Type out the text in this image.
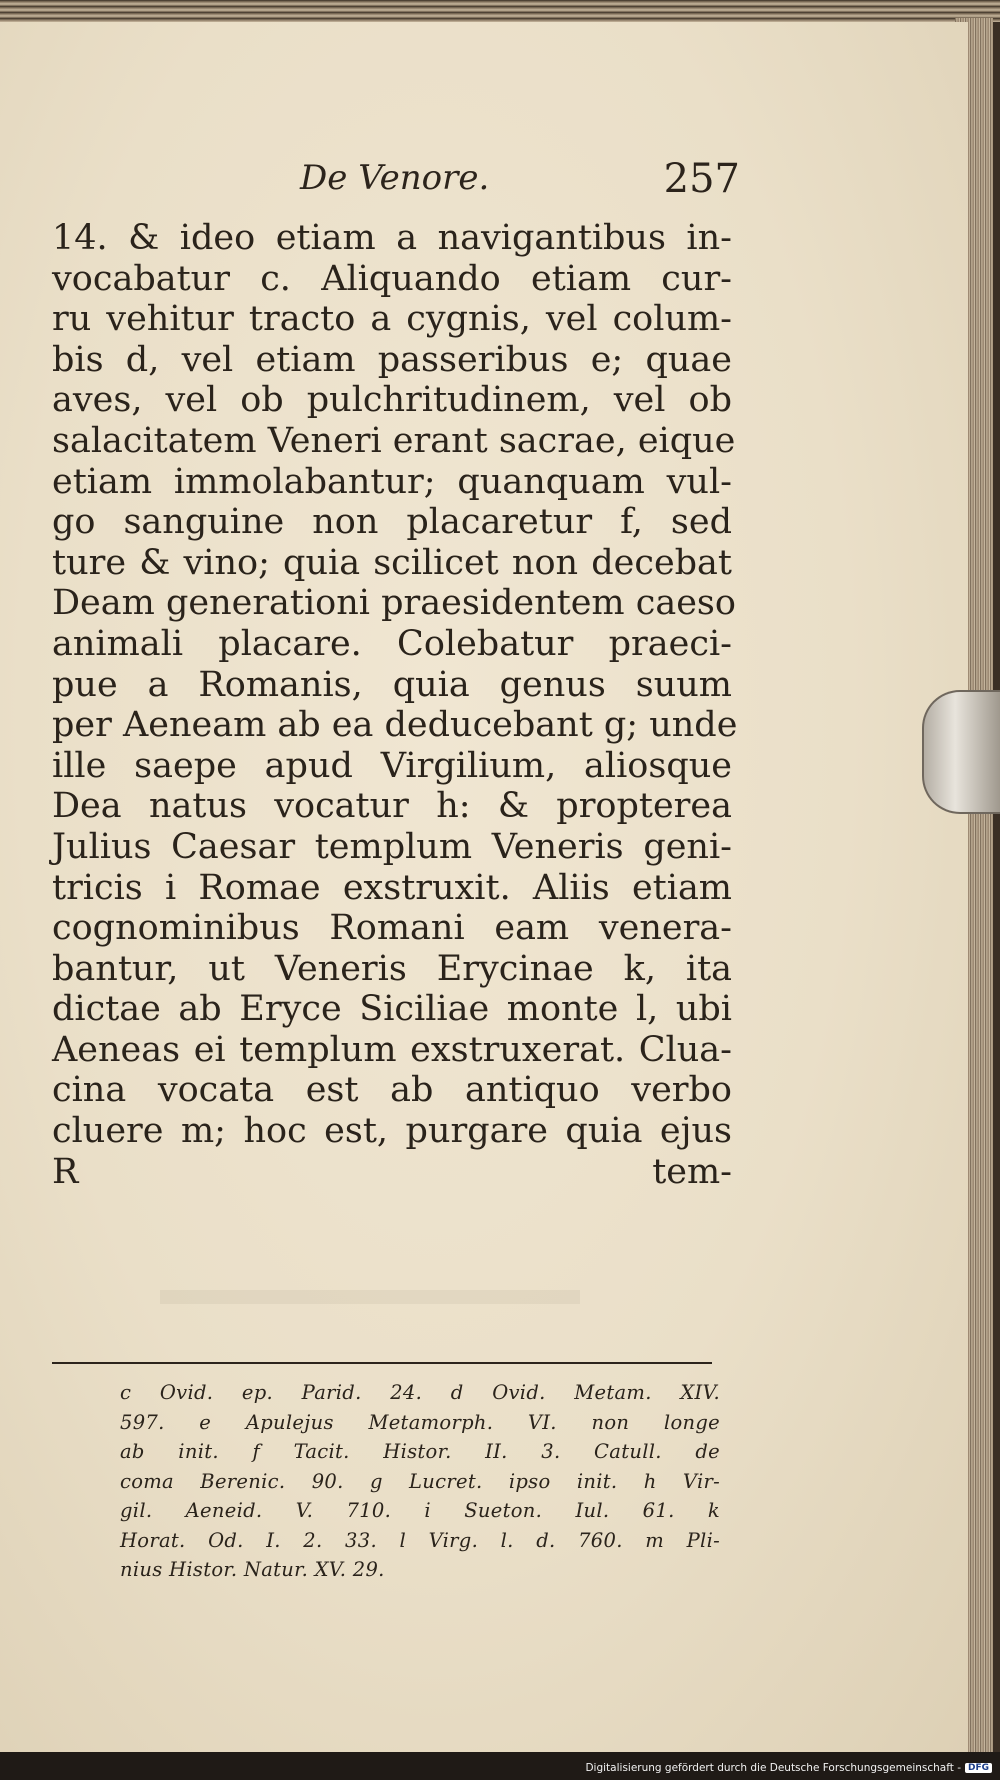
De Venore.	257
14. & ideo etiam a navigantibus in-
vocabatur c. Aliquando etiam cur-
ru vehitur tracto a cygnis, vel colum-
bis d, vel etiam passeribus e; quae
aves, vel ob pulchritudinem, vel ob
salacitatem Veneri erant sacrae, eique
etiam immolabantur; quanquam vul-
go sanguine non placaretur f, sed
ture & vino; quia scilicet non decebat
Deam generationi praesidentem caeso
animali placare. Colebatur praeci-
pue a Romanis, quia genus suum
per Aeneam ab ea deducebant g; unde
ille saepe apud Virgilium, aliosque
Dea natus vocatur h: & propterea
Julius Caesar templum Veneris geni-
tricis i Romae exstruxit. Aliis etiam
cognominibus Romani eam venera-
bantur, ut Veneris Erycinae k, ita
dictae ab Eryce Siciliae monte l, ubi
Aeneas ei templum exstruxerat. Clua-
cina vocata est ab antiquo verbo
cluere m; hoc est, purgare quia ejus
R tem-
c Ovid. ep. Parid. 24. d Ovid. Metam. XIV.
597. e Apulejus Metamorph. VI. non longe
ab init. f Tacit. Histor. II. 3. Catull. de
coma Berenic. 90. g Lucret. ipso init. h Vir-
gil. Aeneid. V. 710. i Sueton. Iul. 61. k
Horat. Od. I. 2. 33. l Virg. l. d. 760. m Pli-
nius Histor. Natur. XV. 29.
Digitalisierung gefördert durch die Deutsche Forschungsgemeinschaft - DFG
